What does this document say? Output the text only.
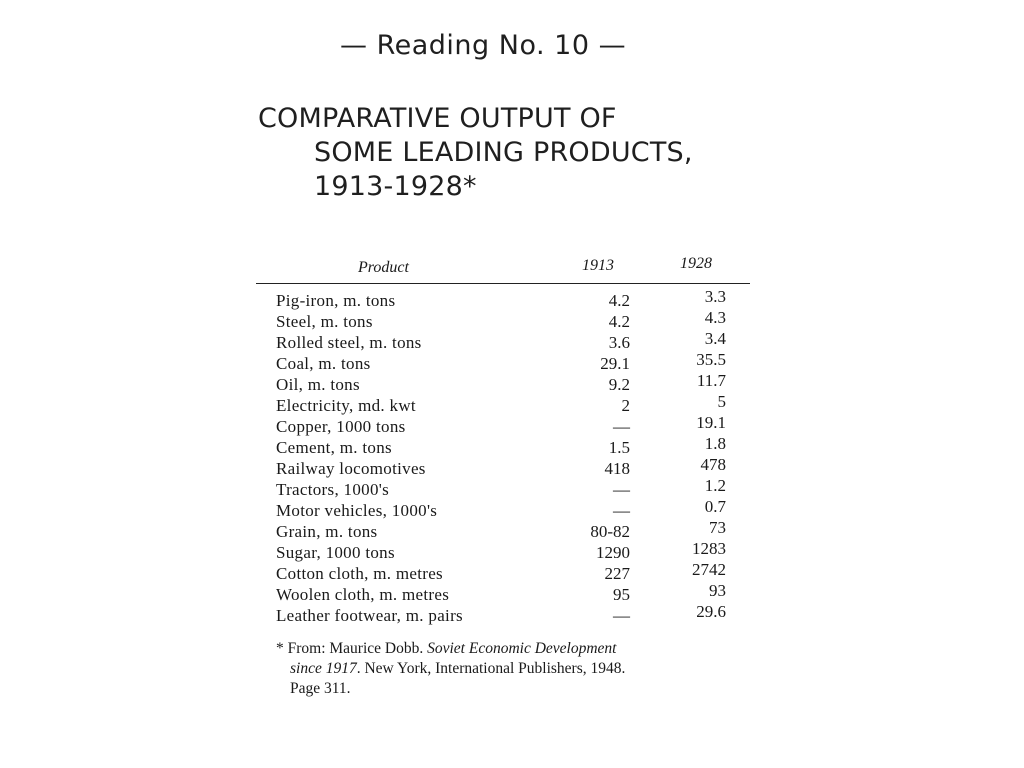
— Reading No. 10 —
COMPARATIVE OUTPUT OF
SOME LEADING PRODUCTS,
1913-1928*
Product	1913	1928
Pig-iron, m. tons	4.2	3.3
Steel, m. tons	4.2	4.3
Rolled steel, m. tons	3.6	3.4
Coal, m. tons	29.1	35.5
Oil, m. tons	9.2	11.7
Electricity, md. kwt	2	5
Copper, 1000 tons	—	19.1
Cement, m. tons	1.5	1.8
Railway locomotives	418	478
Tractors, 1000's	—	1.2
Motor vehicles, 1000's	—	0.7
Grain, m. tons	80-82	73
Sugar, 1000 tons	1290	1283
Cotton cloth, m. metres	227	2742
Woolen cloth, m. metres	95	93
Leather footwear, m. pairs	—	29.6
* From: Maurice Dobb. Soviet Economic Development
since 1917. New York, International Publishers, 1948.
Page 311.
